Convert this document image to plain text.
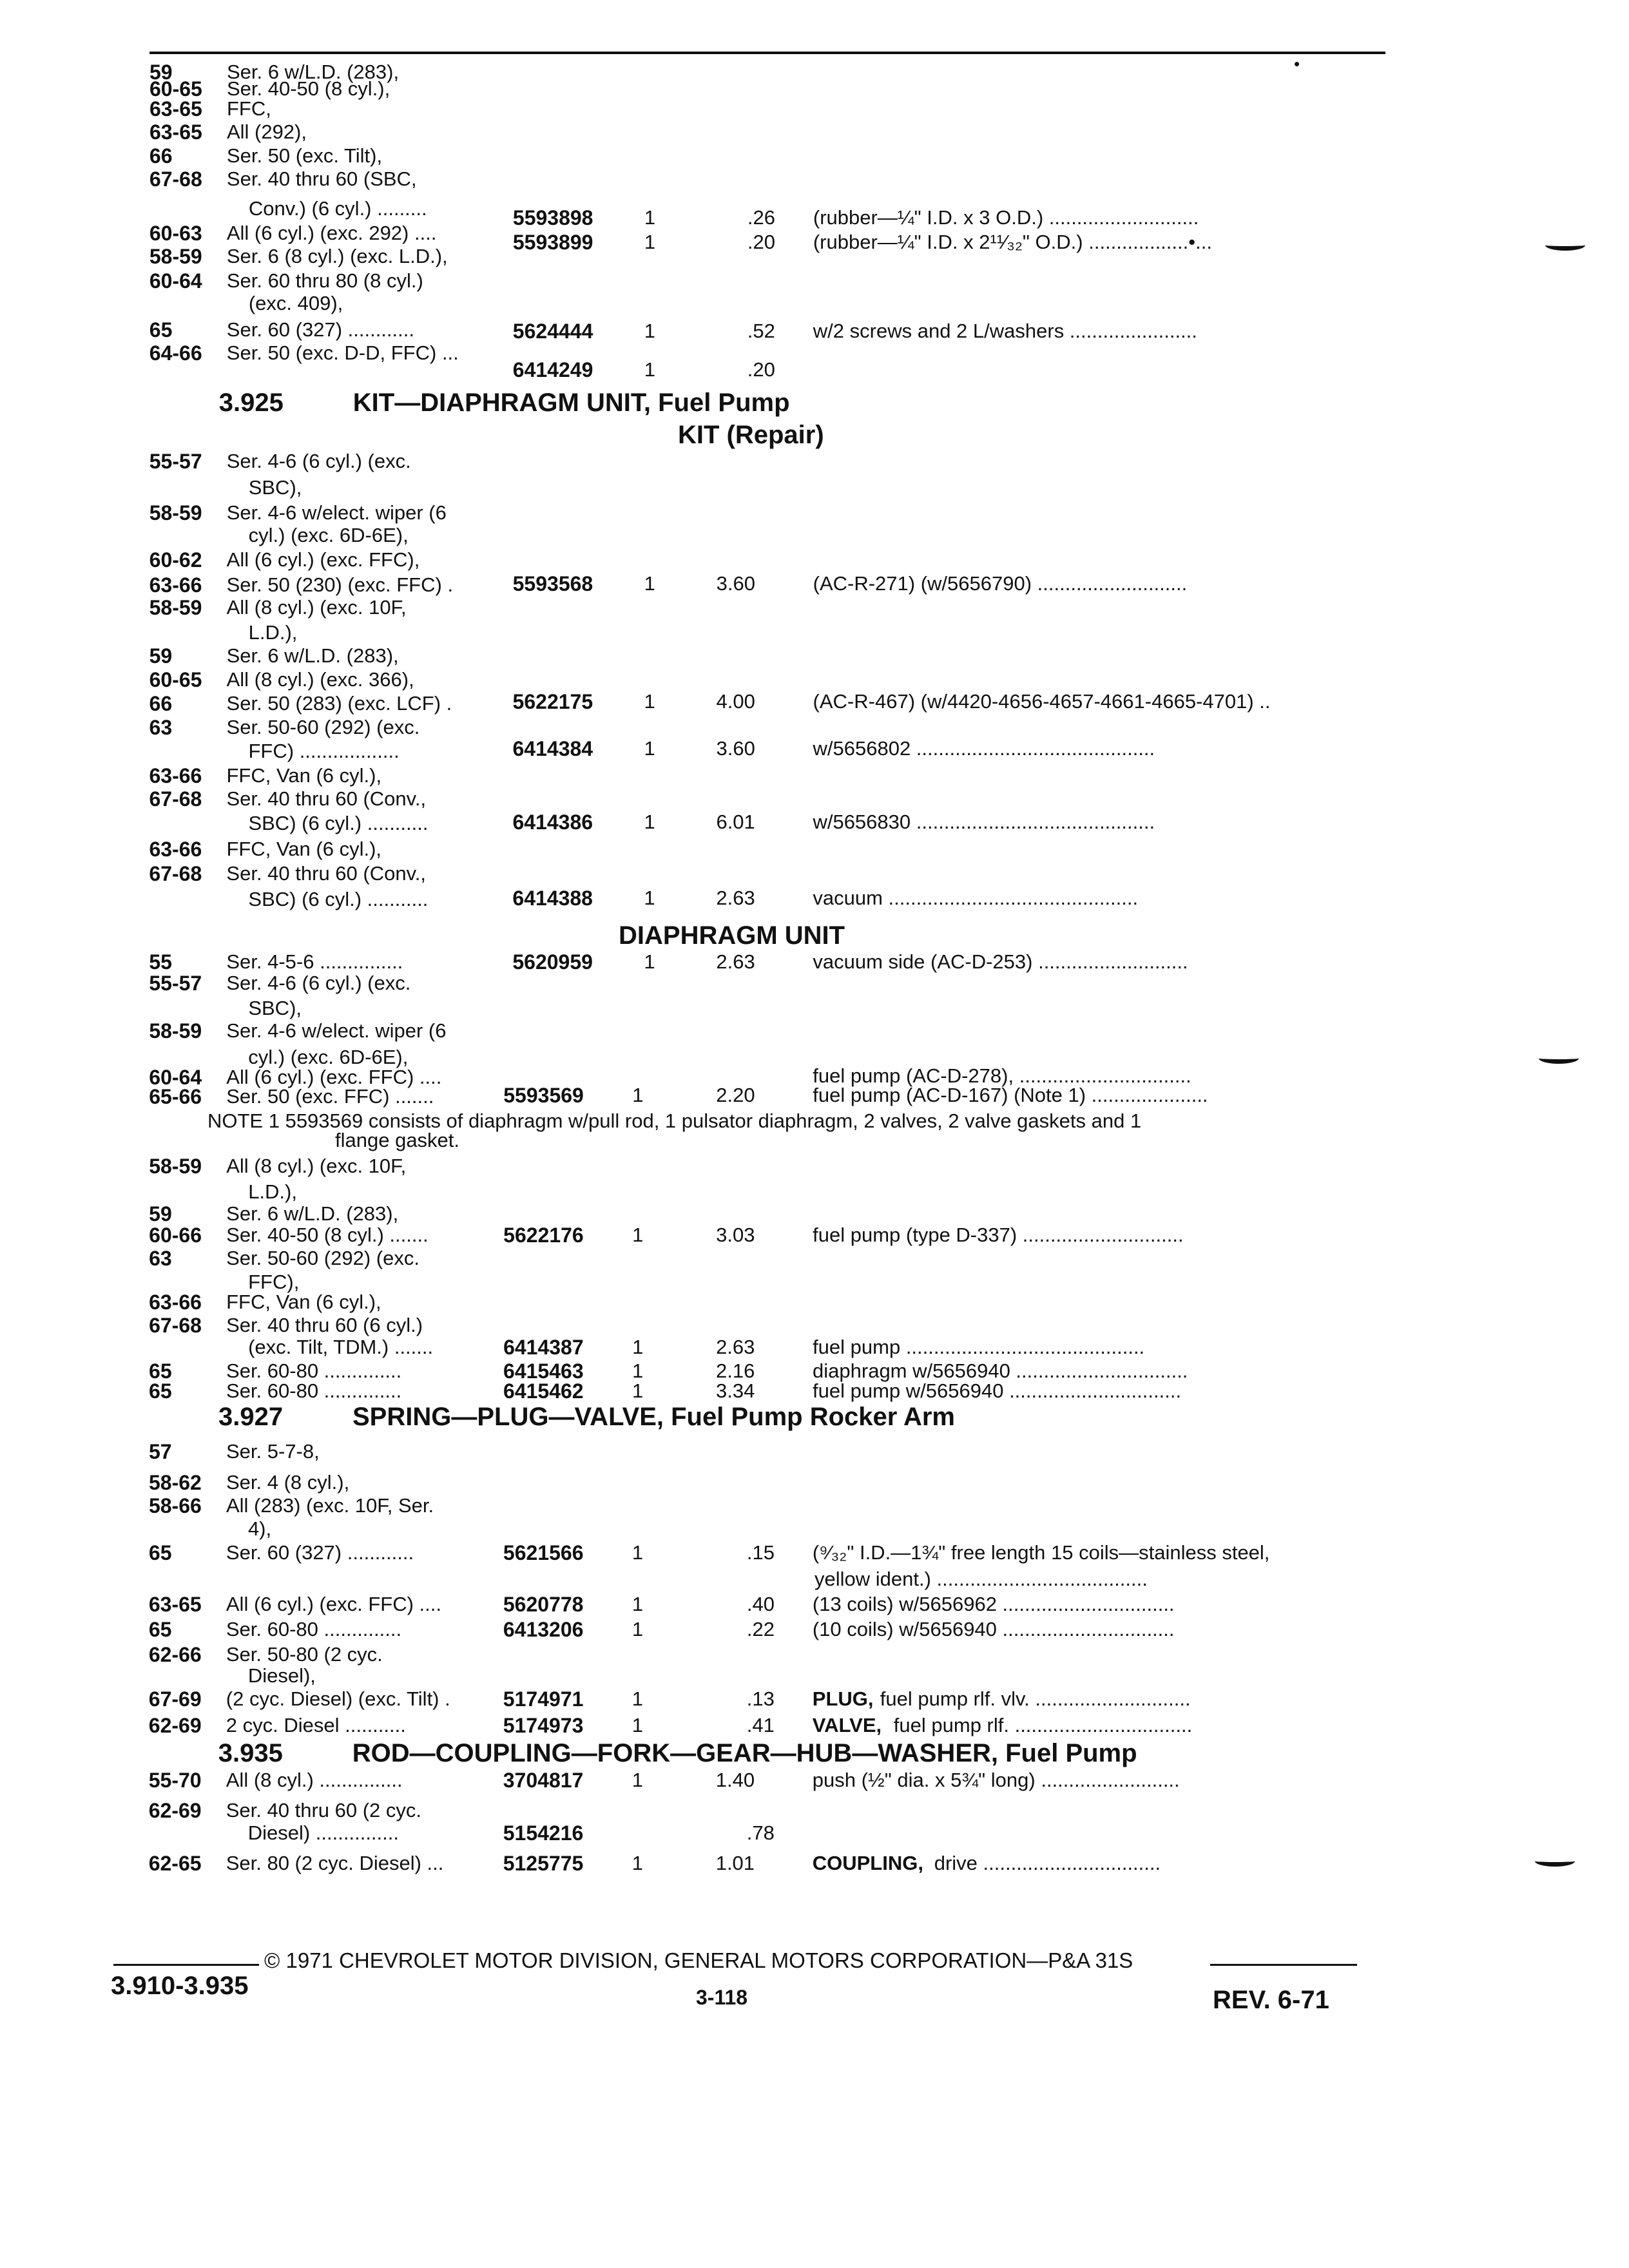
•
59	Ser. 6 w/L.D. (283),
60-65 Ser. 40-50 (8 cyl.),
63-65 FFC,
63-65 All (292),
66	Ser. 50 (exc. Tilt),
67-68 Ser. 40 thru 60 (SBC,
Conv.) (6 cyl.) .........	5593898	1	.26 (rubber—¼" I.D. x 3 O.D.) ...........................
60-63 All (6 cyl.) (exc. 292) ....	5593899	1	.20 (rubber—¼" I.D. x 2¹¹⁄₃₂" O.D.) ..................•...
58-59 Ser. 6 (8 cyl.) (exc. L.D.),
60-64 Ser. 60 thru 80 (8 cyl.)
(exc. 409),
65	Ser. 60 (327) ............	5624444	1	.52 w/2 screws and 2 L/washers .......................
64-66 Ser. 50 (exc. D-D, FFC) ...
6414249	1	.20
3.925	KIT—DIAPHRAGM UNIT, Fuel Pump
KIT (Repair)
55-57 Ser. 4-6 (6 cyl.) (exc.
SBC),
58-59 Ser. 4-6 w/elect. wiper (6
cyl.) (exc. 6D-6E),
60-62 All (6 cyl.) (exc. FFC),
63-66 Ser. 50 (230) (exc. FFC) .	5593568	1	3.60	(AC-R-271) (w/5656790) ...........................
58-59 All (8 cyl.) (exc. 10F,
L.D.),
59	Ser. 6 w/L.D. (283),
60-65 All (8 cyl.) (exc. 366),
66	Ser. 50 (283) (exc. LCF) .	5622175	1	4.00	(AC-R-467) (w/4420-4656-4657-4661-4665-4701) ..
63	Ser. 50-60 (292) (exc.
FFC) ..................	6414384	1	3.60	w/5656802 ...........................................
63-66 FFC, Van (6 cyl.),
67-68 Ser. 40 thru 60 (Conv.,
SBC) (6 cyl.) ...........	6414386	1	6.01	w/5656830 ...........................................
63-66 FFC, Van (6 cyl.),
67-68 Ser. 40 thru 60 (Conv.,
SBC) (6 cyl.) ...........	6414388	1	2.63	vacuum .............................................
DIAPHRAGM UNIT
55	Ser. 4-5-6 ...............	5620959	1	2.63	vacuum side (AC-D-253) ...........................
55-57 Ser. 4-6 (6 cyl.) (exc.
SBC),
58-59 Ser. 4-6 w/elect. wiper (6
cyl.) (exc. 6D-6E),
60-64 All (6 cyl.) (exc. FFC) ....	fuel pump (AC-D-278), ...............................
65-66 Ser. 50 (exc. FFC) .......	5593569 1	2.20	fuel pump (AC-D-167) (Note 1) .....................
NOTE 1 5593569 consists of diaphragm w/pull rod, 1 pulsator diaphragm, 2 valves, 2 valve gaskets and 1
flange gasket.
58-59 All (8 cyl.) (exc. 10F,
L.D.),
59	Ser. 6 w/L.D. (283),
60-66 Ser. 40-50 (8 cyl.) .......	5622176 1	3.03	fuel pump (type D-337) .............................
63	Ser. 50-60 (292) (exc.
FFC),
63-66 FFC, Van (6 cyl.),
67-68 Ser. 40 thru 60 (6 cyl.)
(exc. Tilt, TDM.) .......	6414387 1	2.63	fuel pump ...........................................
65	Ser. 60-80 ..............	6415463 1	2.16	diaphragm w/5656940 ...............................
65	Ser. 60-80 ..............	6415462 1	3.34	fuel pump w/5656940 ...............................
3.927	SPRING—PLUG—VALVE, Fuel Pump Rocker Arm
57	Ser. 5-7-8,
58-62 Ser. 4 (8 cyl.),
58-66 All (283) (exc. 10F, Ser.
4),
65	Ser. 60 (327) ............	5621566 1	.15 (⁹⁄₃₂" I.D.—1¾" free length 15 coils—stainless steel,
yellow ident.) ......................................
63-65 All (6 cyl.) (exc. FFC) ....	5620778 1	.40 (13 coils) w/5656962 ...............................
65	Ser. 60-80 ..............	6413206 1	.22 (10 coils) w/5656940 ...............................
62-66 Ser. 50-80 (2 cyc.
Diesel),
67-69 (2 cyc. Diesel) (exc. Tilt) .	5174971 1	.13 PLUG, fuel pump rlf. vlv. ............................
62-69 2 cyc. Diesel ...........	5174973 1	.41 VALVE, fuel pump rlf. ................................
3.935	ROD—COUPLING—FORK—GEAR—HUB—WASHER, Fuel Pump
55-70 All (8 cyl.) ...............	3704817 1	1.40	push (½" dia. x 5¾" long) .........................
62-69 Ser. 40 thru 60 (2 cyc.
Diesel) ...............	5154216	.78
62-65 Ser. 80 (2 cyc. Diesel) ...	5125775 1	1.01	COUPLING, drive ................................
© 1971 CHEVROLET MOTOR DIVISION, GENERAL MOTORS CORPORATION—P&A 31S
3.910-3.935	3-118	REV. 6-71
